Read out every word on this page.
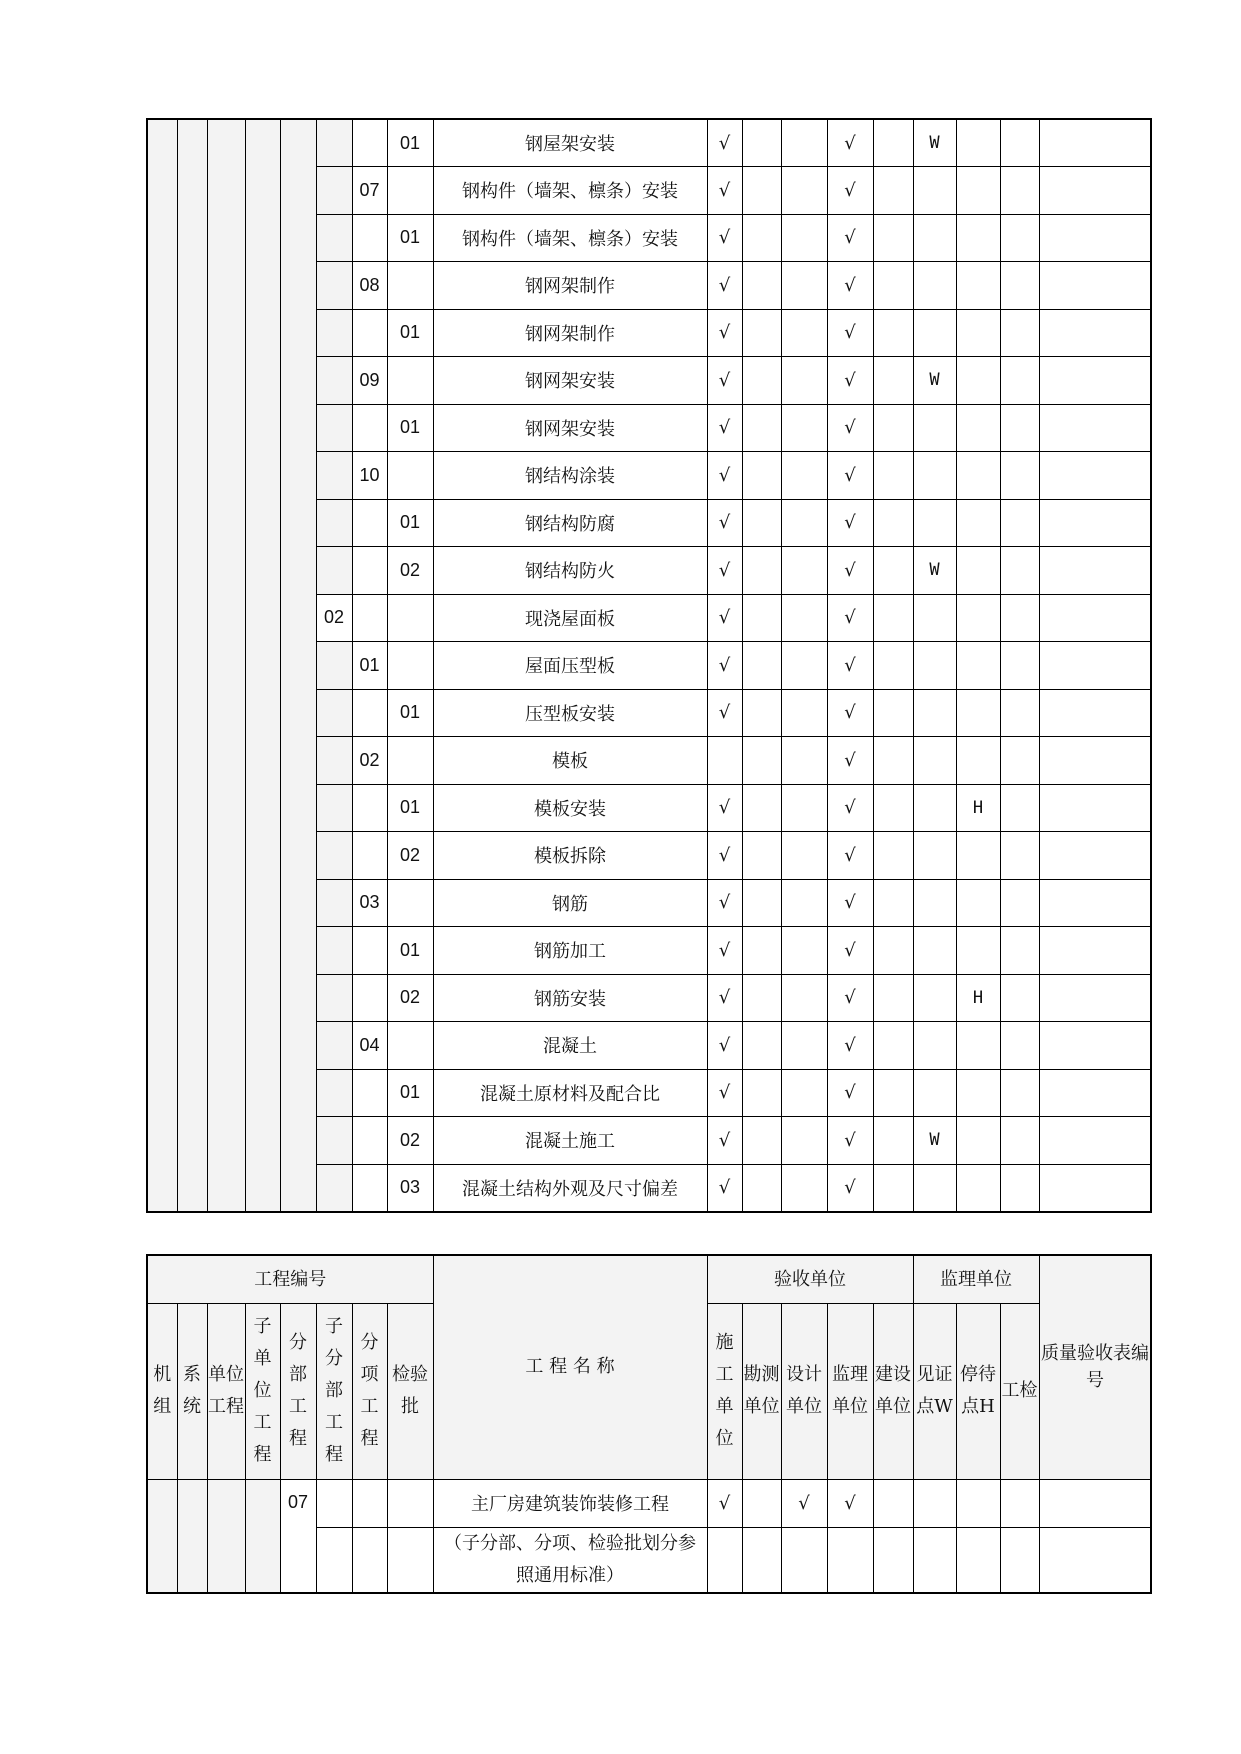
							01	钢屋架安装	√			√		W			
						07		钢构件（墙架、檩条）安装	√			√					
							01	钢构件（墙架、檩条）安装	√			√					
						08		钢网架制作	√			√					
							01	钢网架制作	√			√					
						09		钢网架安装	√			√		W			
							01	钢网架安装	√			√					
						10		钢结构涂装	√			√					
							01	钢结构防腐	√			√					
							02	钢结构防火	√			√		W			
					02			现浇屋面板	√			√					
						01		屋面压型板	√			√					
							01	压型板安装	√			√					
						02		模板				√					
							01	模板安装	√			√			H		
							02	模板拆除	√			√					
						03		钢筋	√			√					
							01	钢筋加工	√			√					
							02	钢筋安装	√			√			H		
						04		混凝土	√			√					
							01	混凝土原材料及配合比	√			√					
							02	混凝土施工	√			√		W			
							03	混凝土结构外观及尺寸偏差	√			√					
工程编号								工 程 名 称	验收单位					监理单位			质量验收表编号	
机组	系统	单位工程	子单位工程	分部工程	子分部工程	分项工程	检验批		施工单位	勘测单位	设计单位	监理单位	建设单位	见证点W	停待点H	工检	
				07				主厂房建筑装饰装修工程	√		√	√						
								（子分部、分项、检验批划分参照通用标准）										
